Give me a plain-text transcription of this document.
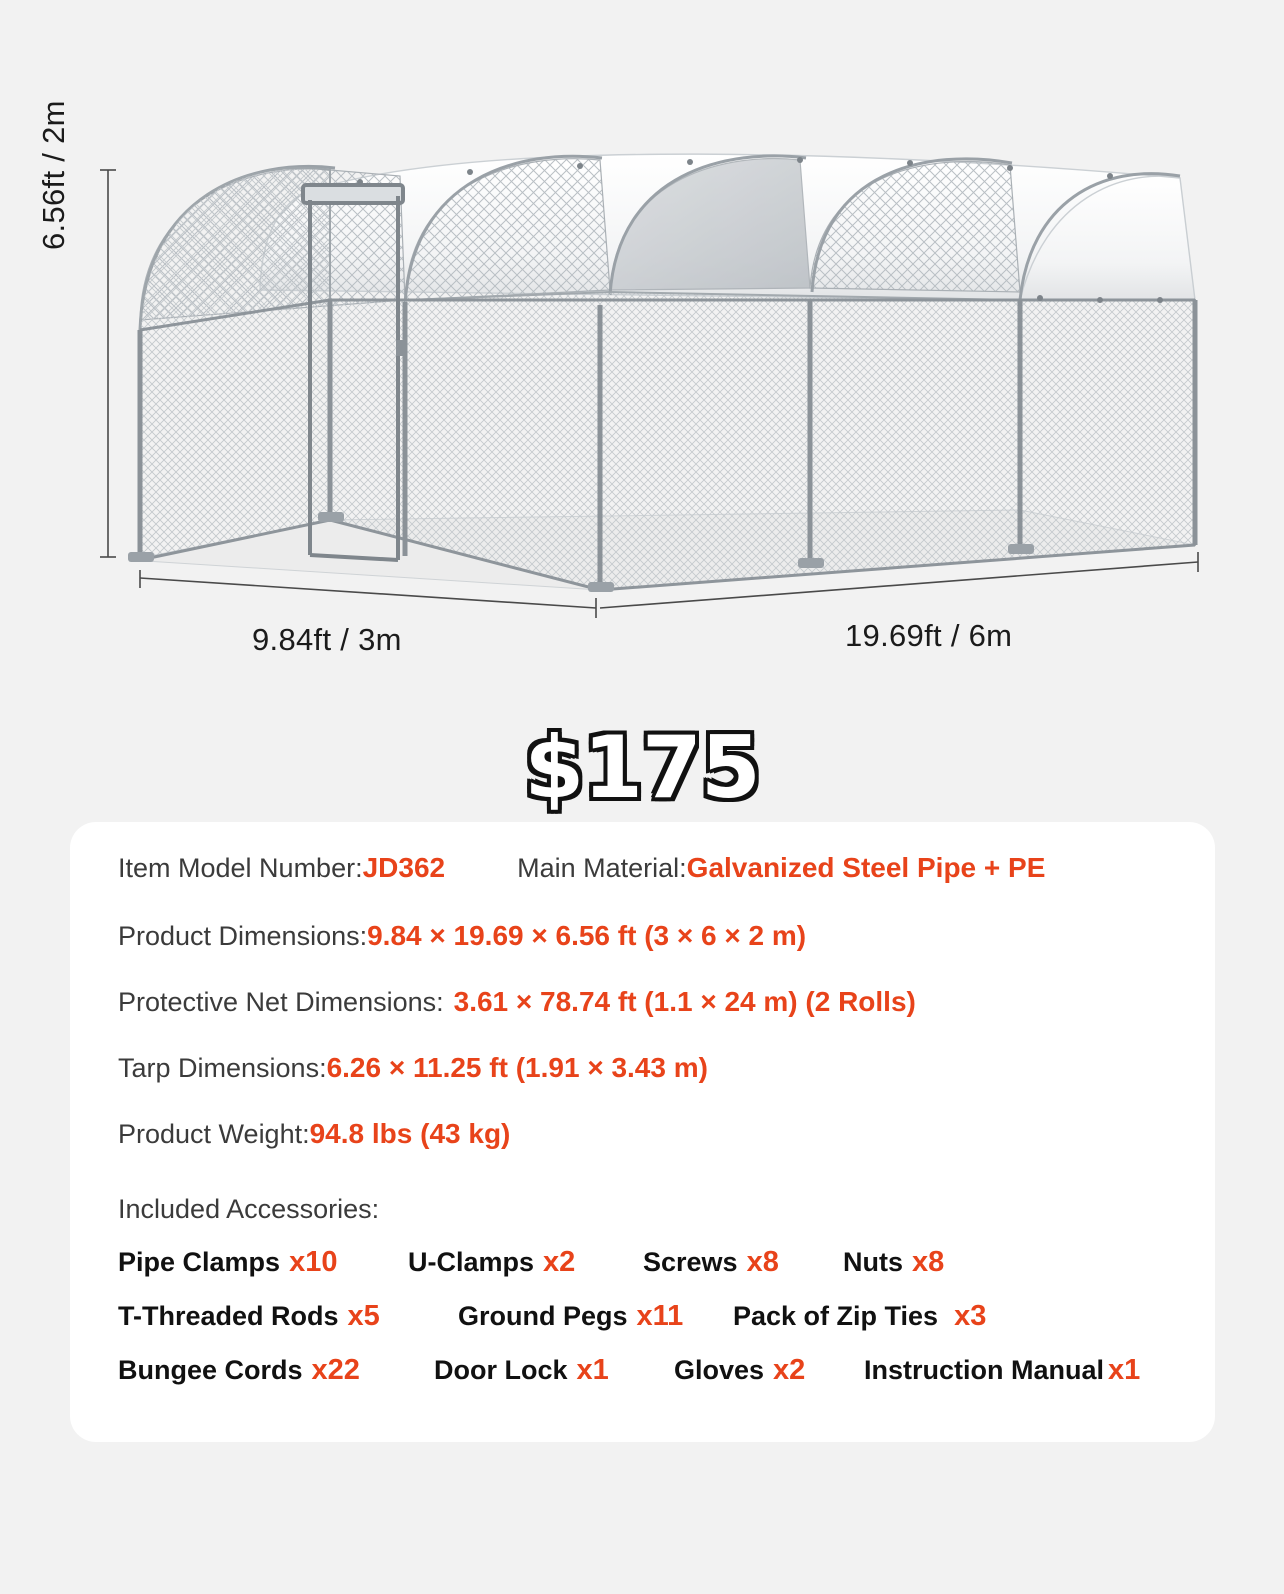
6.56ft / 2m
9.84ft / 3m	19.69ft / 6m
$175
Item Model Number: JD362	Main Material: Galvanized Steel Pipe + PE
Product Dimensions: 9.84 × 19.69 × 6.56 ft (3 × 6 × 2 m)
Protective Net Dimensions: 3.61 × 78.74 ft (1.1 × 24 m) (2 Rolls)
Tarp Dimensions: 6.26 × 11.25 ft (1.91 × 3.43 m)
Product Weight: 94.8 lbs (43 kg)
Included Accessories:
Pipe Clamps x10	U-Clamps x2	Screws x8 Nuts x8
T-Threaded Rods x5	Ground Pegs x11 Pack of Zip Ties x3
Bungee Cords x22	Door Lock x1 Gloves x2 Instruction Manual x1
